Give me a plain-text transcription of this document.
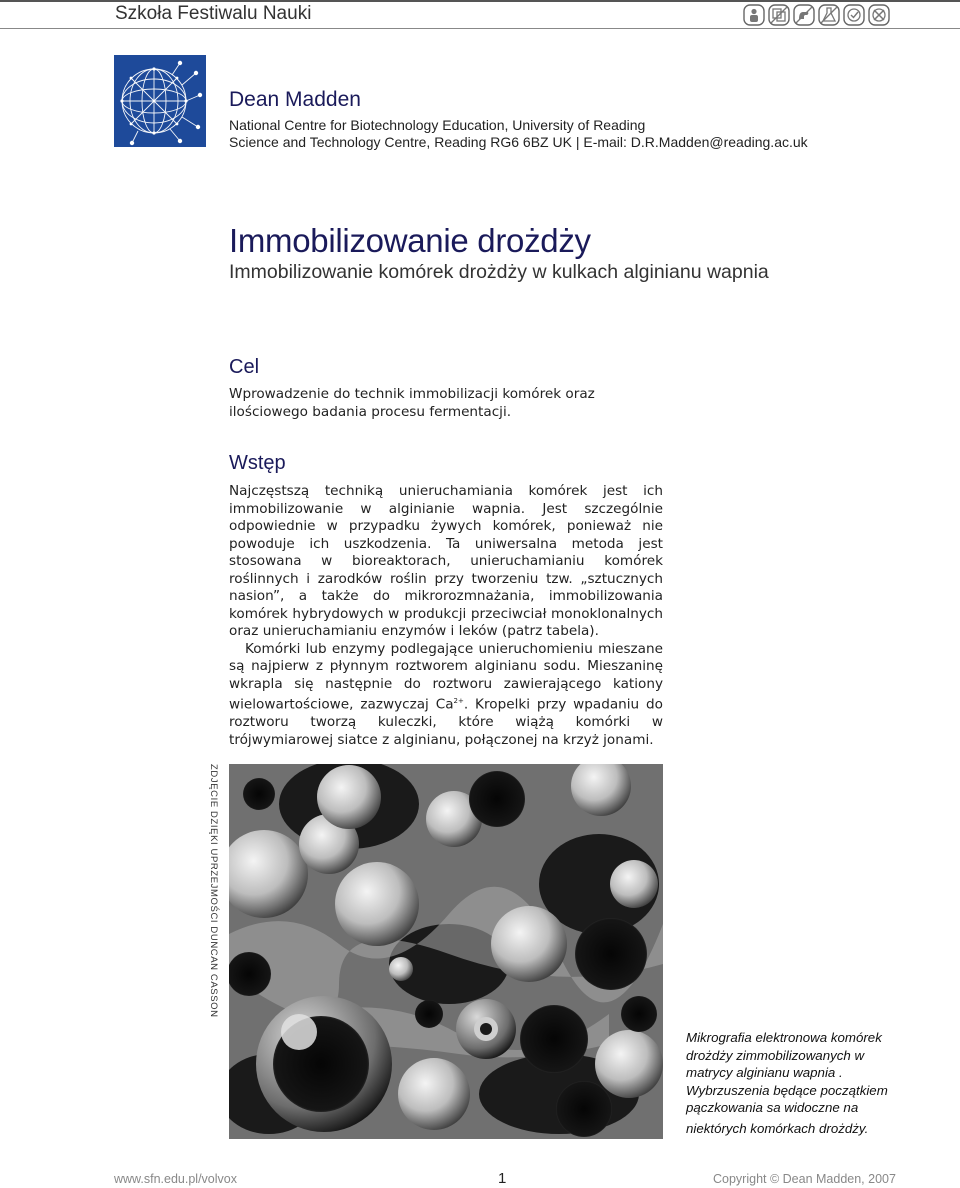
Szkoła Festiwalu Nauki
Dean Madden
National Centre for Biotechnology Education, University of Reading
Science and Technology Centre, Reading RG6 6BZ UK | E-mail: D.R.Madden@reading.ac.uk
Immobilizowanie drożdży
Immobilizowanie komórek drożdży w kulkach alginianu wapnia
Cel
Wprowadzenie do technik immobilizacji komórek oraz ilościowego badania procesu fermentacji.
Wstęp

Najczęstszą techniką unieruchamiania komórek jest ich immobilizowanie w alginianie wapnia. Jest szczególnie odpowiednie w przypadku żywych komórek, ponieważ nie powoduje ich uszkodzenia. Ta uniwersalna metoda jest stosowana w bioreaktorach, unieruchamianiu komórek roślinnych i zarodków roślin przy tworzeniu tzw. „sztucznych nasion”, a także do mikrorozmnażania, immobilizowania komórek hybrydowych w produkcji przeciwciał monoklonalnych oraz unieruchamianiu enzymów i leków (patrz tabela).

Komórki lub enzymy podlegające unieruchomieniu mieszane są najpierw z płynnym roztworem alginianu sodu. Mieszaninę wkrapla się następnie do roztworu zawierającego kationy wielowartościowe, zazwyczaj $Ca^{2+}$. Kropelki przy wpadaniu do roztworu tworzą kuleczki, które wiążą komórki w trójwymiarowej siatce z alginianu, połączonej na krzyż jonami.

ZDJĘCIE DZIĘKI UPRZEJMOŚCI DUNCAN CASSON
Mikrografia elektronowa komórek
drożdży zimmobilizowanych w
matrycy alginianu wapnia .
Wybrzuszenia będące początkiem
pączkowania sa widoczne na
niektórych komórkach drożdży.
www.sfn.edu.pl/volvox	1	Copyright © Dean Madden, 2007
